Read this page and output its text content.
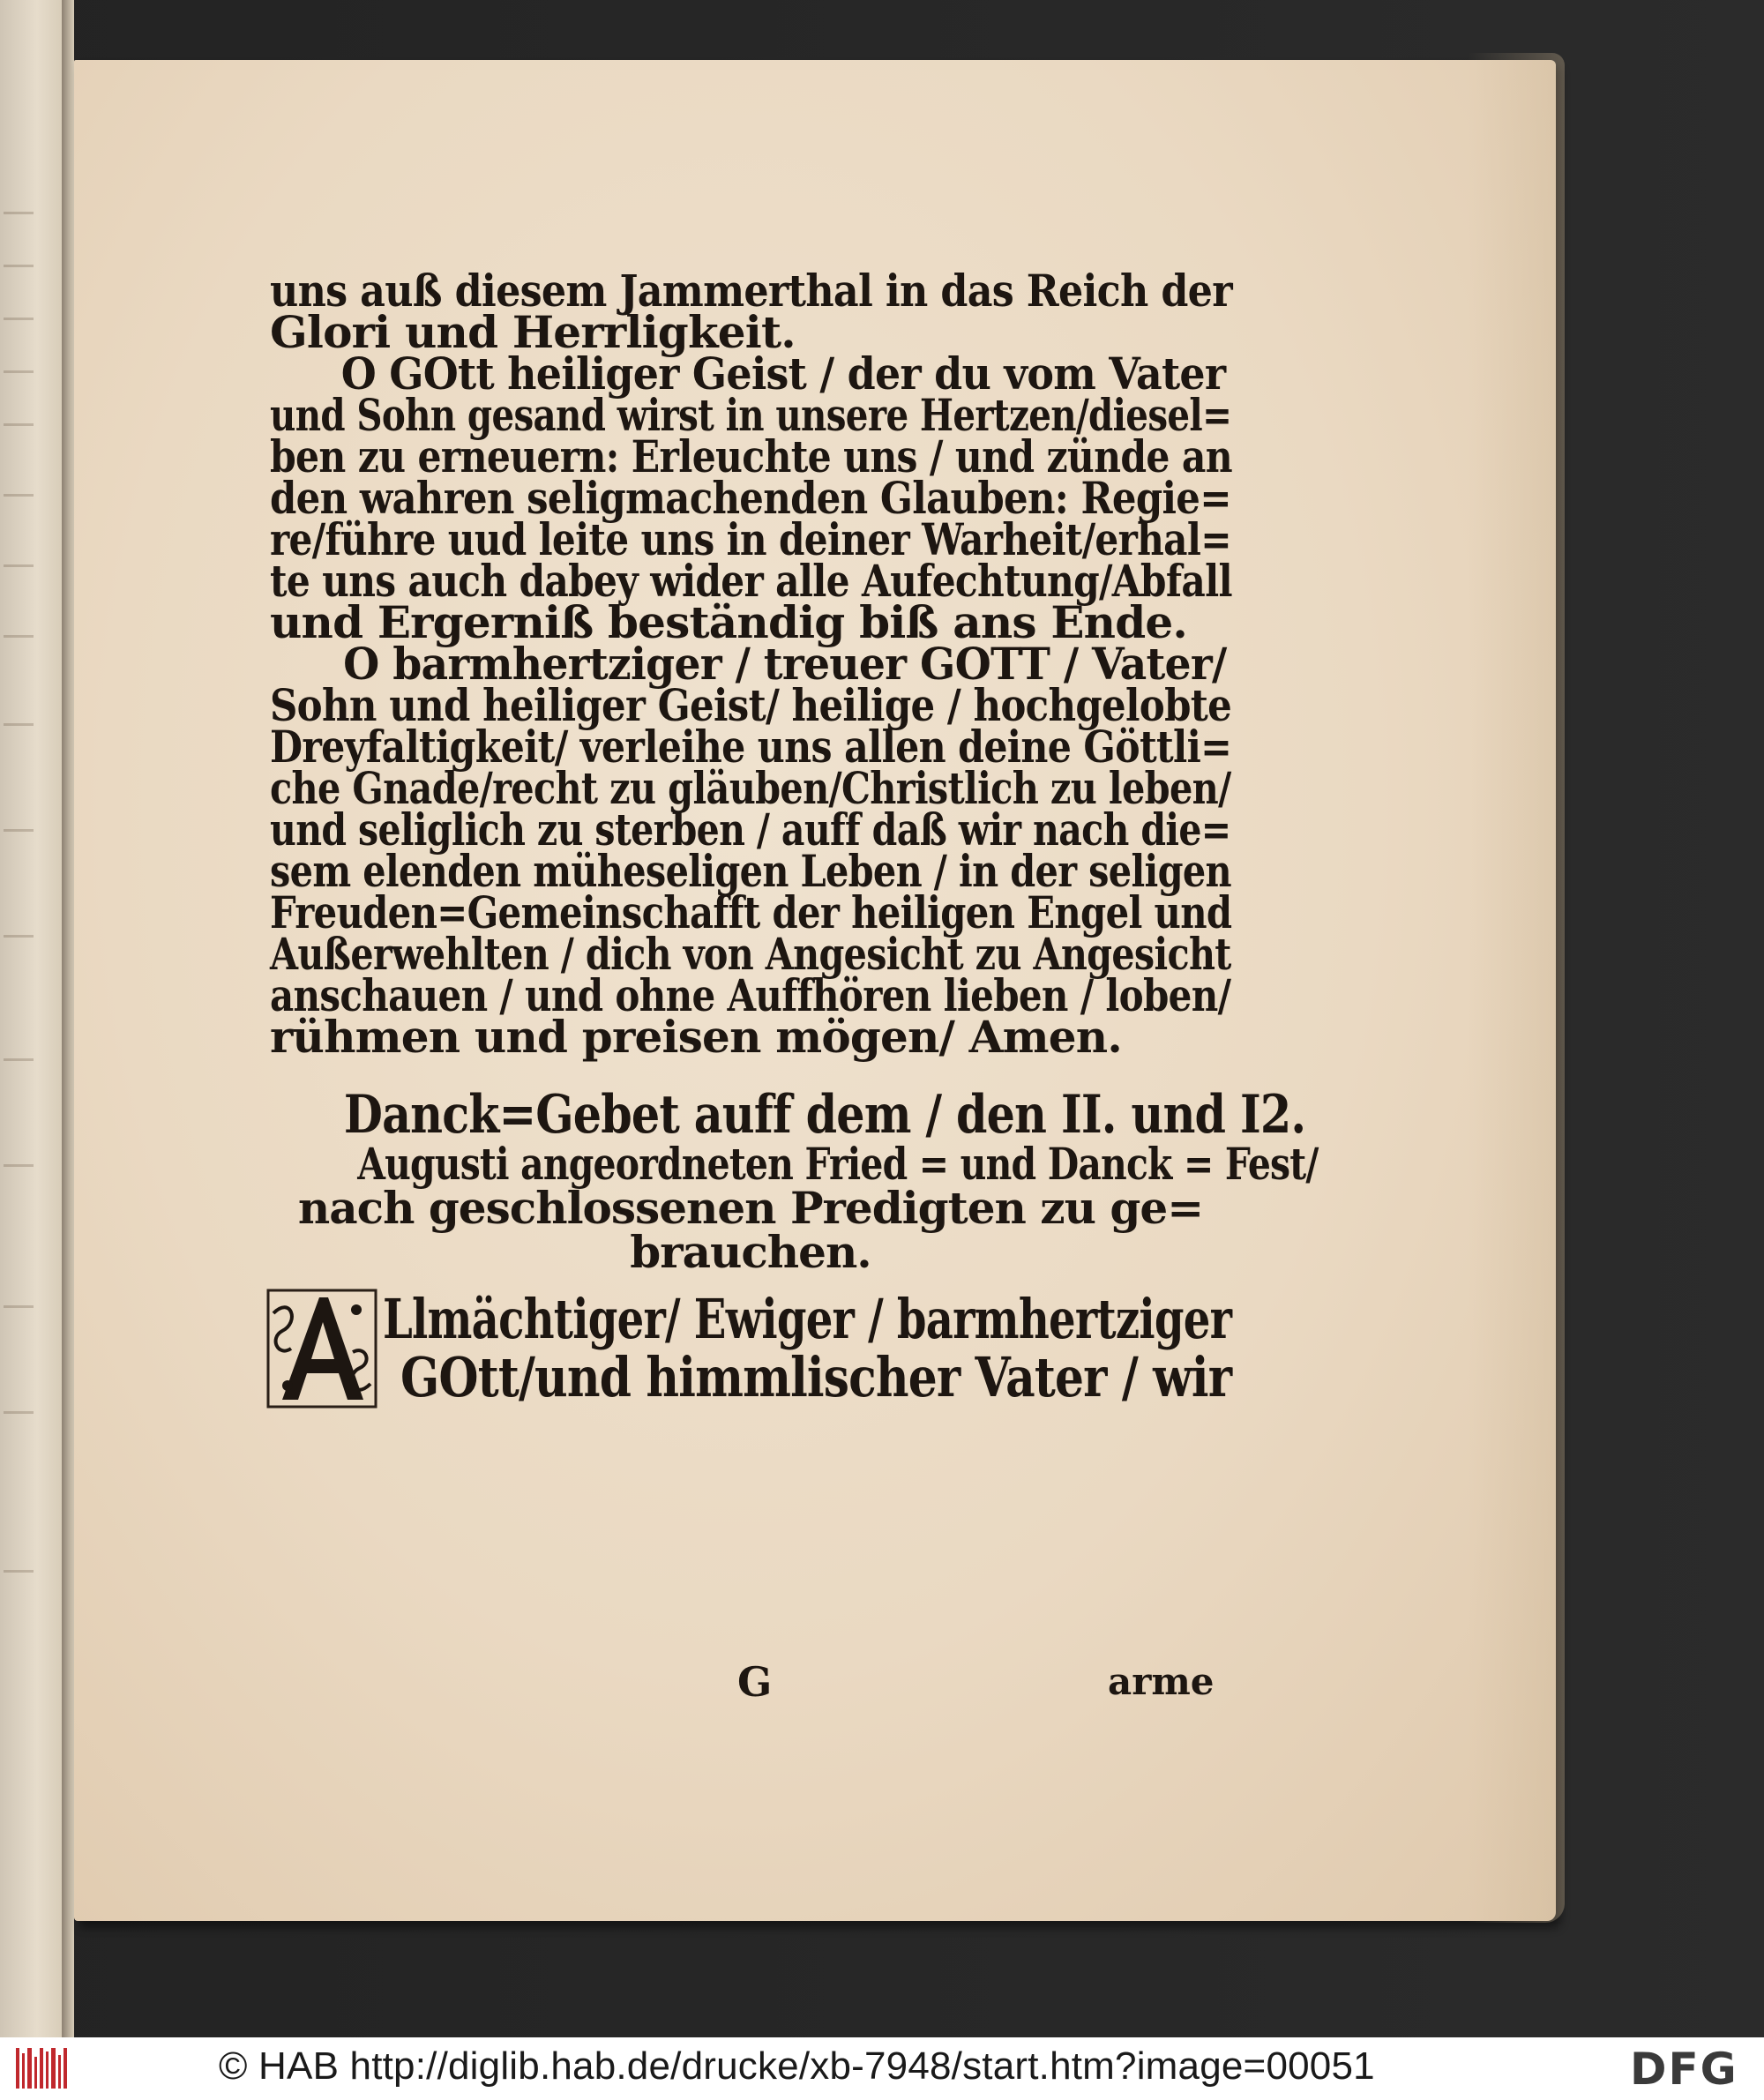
uns auß diesem Jammerthal in das Reich der
Glori und Herrligkeit.
O GOtt heiliger Geist / der du vom Vater
und Sohn gesand wirst in unsere Hertzen/diesel=
ben zu erneuern: Erleuchte uns / und zünde an
den wahren seligmachenden Glauben: Regie=
re/führe uud leite uns in deiner Warheit/erhal=
te uns auch dabey wider alle Aufechtung/Abfall
und Ergerniß beständig biß ans Ende.
O barmhertziger / treuer GOTT / Vater/
Sohn und heiliger Geist/ heilige / hochgelobte
Dreyfaltigkeit/ verleihe uns allen deine Göttli=
che Gnade/recht zu gläuben/Christlich zu leben/
und seliglich zu sterben / auff daß wir nach die=
sem elenden müheseligen Leben / in der seligen
Freuden=Gemeinschafft der heiligen Engel und
Außerwehlten / dich von Angesicht zu Angesicht
anschauen / und ohne Auffhören lieben / loben/
rühmen und preisen mögen/ Amen.
Danck=Gebet auff dem / den II. und I2.
Augusti angeordneten Fried = und Danck = Fest/
nach geschlossenen Predigten zu ge=
brauchen.
Llmächtiger/ Ewiger / barmhertziger
GOtt/und himmlischer Vater / wir
G	arme
© HAB http://diglib.hab.de/drucke/xb-7948/start.htm?image=00051	DFG
